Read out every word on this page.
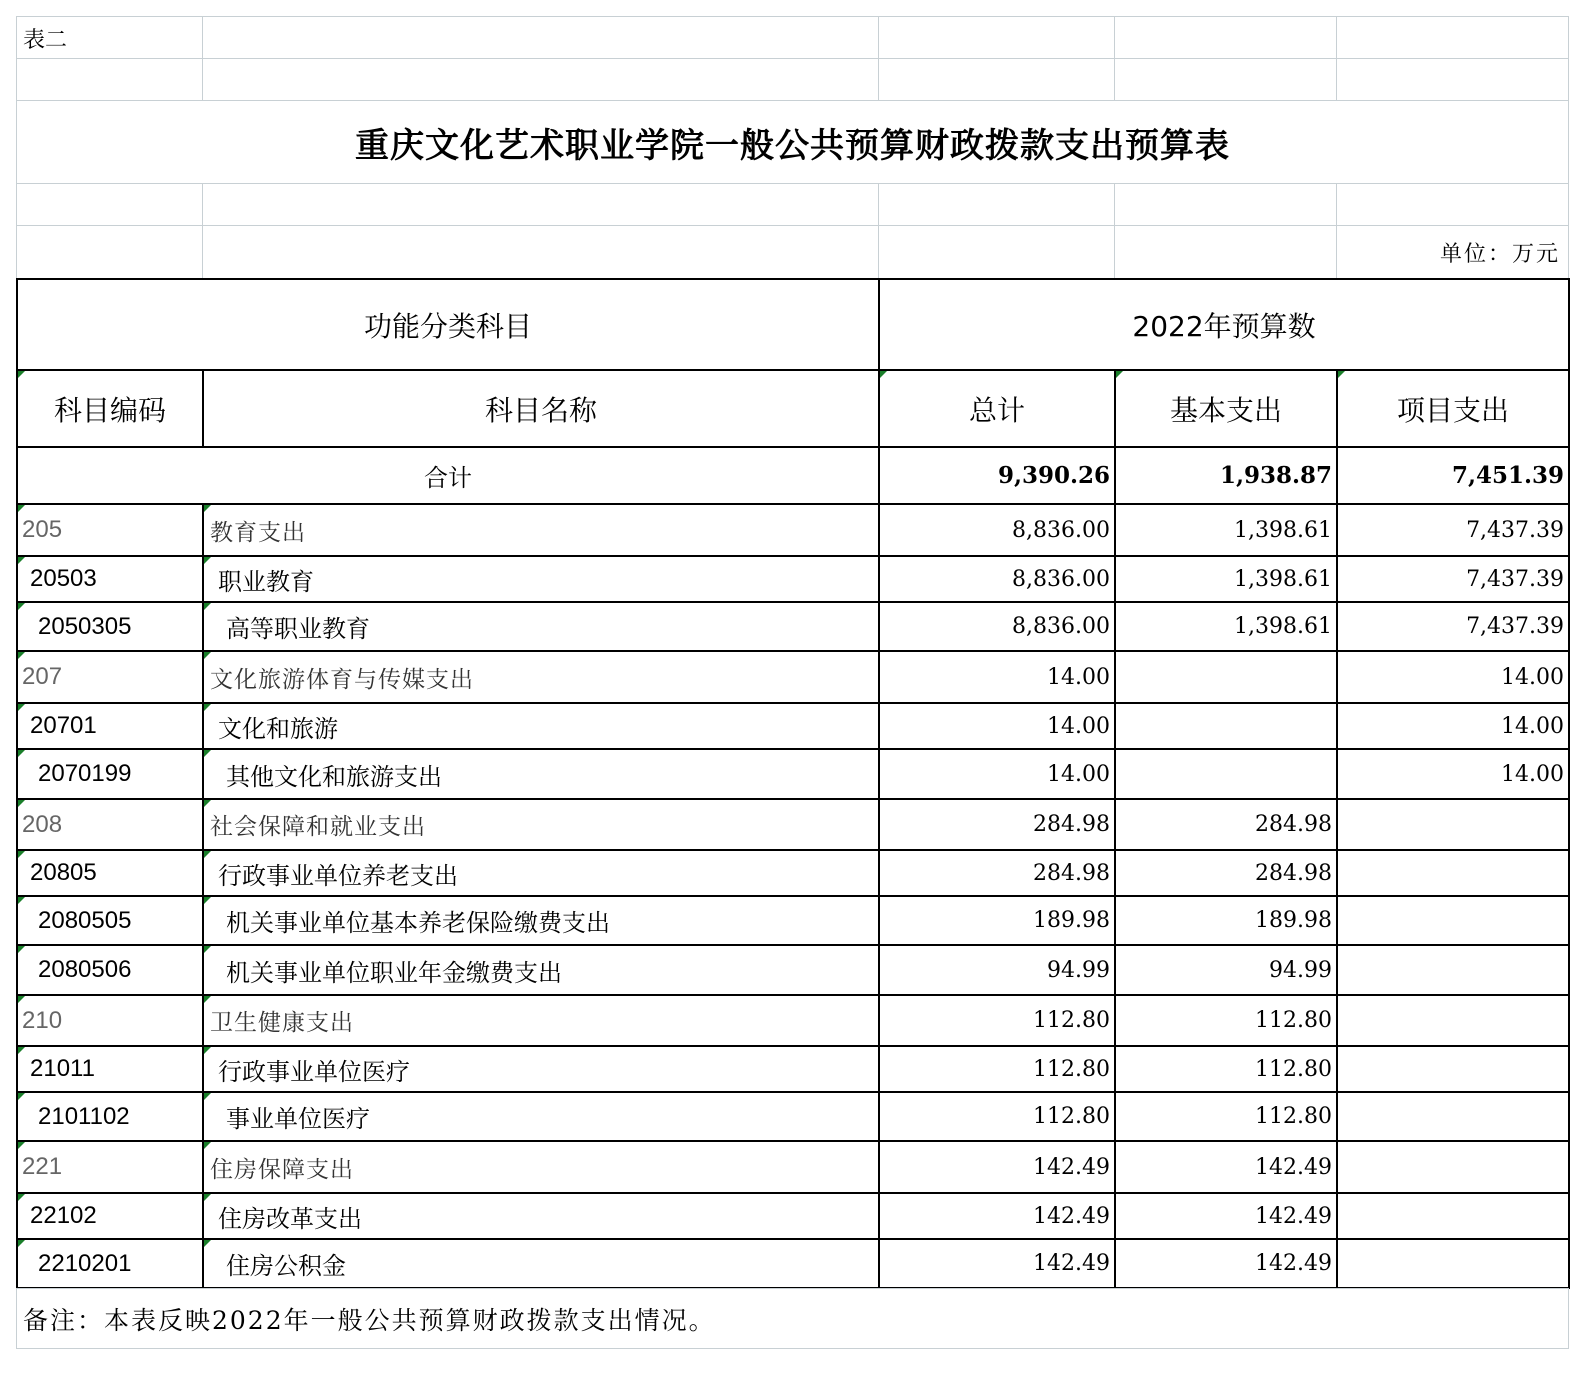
表二				

重庆文化艺术职业学院一般公共预算财政拨款支出预算表				

				单位：万元
功能分类科目		2022年预算数		
科目编码	科目名称	总计	基本支出	项目支出
合计		9,390.26	1,938.87	7,451.39
205	教育支出	8,836.00	1,398.61	7,437.39
20503	职业教育	8,836.00	1,398.61	7,437.39
2050305	高等职业教育	8,836.00	1,398.61	7,437.39
207	文化旅游体育与传媒支出	14.00		14.00
20701	文化和旅游	14.00		14.00
2070199	其他文化和旅游支出	14.00		14.00
208	社会保障和就业支出	284.98	284.98	
20805	行政事业单位养老支出	284.98	284.98	
2080505	机关事业单位基本养老保险缴费支出	189.98	189.98	
2080506	机关事业单位职业年金缴费支出	94.99	94.99	
210	卫生健康支出	112.80	112.80	
21011	行政事业单位医疗	112.80	112.80	
2101102	事业单位医疗	112.80	112.80	
221	住房保障支出	142.49	142.49	
22102	住房改革支出	142.49	142.49	
2210201	住房公积金	142.49	142.49	
备注：本表反映2022年一般公共预算财政拨款支出情况。
